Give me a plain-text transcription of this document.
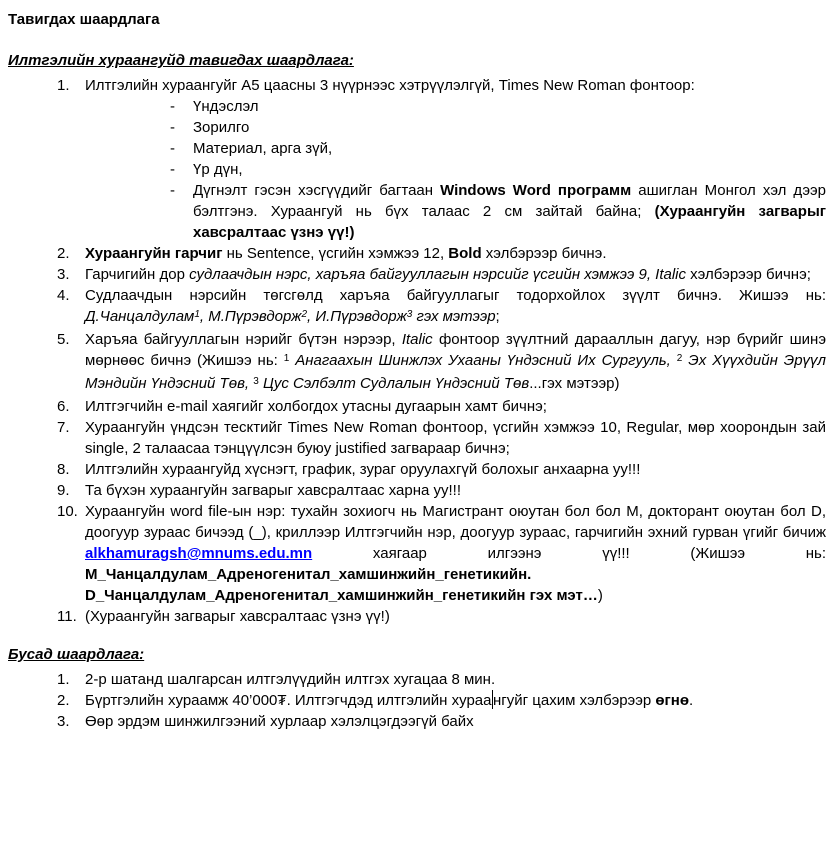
Тавигдах шаардлага
Илтгэлийн хураангуйд тавигдах шаардлага:
1.	Илтгэлийн хураангуйг А5 цаасны 3 нүүрнээс хэтрүүлэлгүй, Times New Roman фонтоор:
-	Үндэслэл
-	Зорилго
-	Материал, арга зүй,
-	Үр дүн,
-	Дүгнэлт гэсэн хэсгүүдийг багтаан Windows Word программ ашиглан Монгол хэл дээр бэлтгэнэ. Хураангуй нь бүх талаас 2 см зайтай байна; (Хураангуйн загварыг хавсралтаас үзнэ үү!)
2.	Хураангуйн гарчиг нь Sentence, үсгийн хэмжээ 12, Bold хэлбэрээр бичнэ.
3.	Гарчигийн дор судлаачдын нэрс, харъяа байгууллагын нэрсийг үсгийн хэмжээ 9, Italic хэлбэрээр бичнэ;
4.	Судлаачдын нэрсийн төгсгөлд харъяа байгууллагыг тодорхойлох зүүлт бичнэ. Жишээ нь: Д.Чанцалдулам$^1$, М.Пүрэвдорж$^2$, И.Пүрэвдорж$^3$ гэх мэтээр;
5.	Харъяа байгууллагын нэрийг бүтэн нэрээр, Italic фонтоор зүүлтний дарааллын дагуу, нэр бүрийг шинэ мөрнөөс бичнэ (Жишээ нь: $^1$ Анагаахын Шинжлэх Ухааны Үндэсний Их Сургууль, $^2$ Эх Хүүхдийн Эрүүл Мэндийн Үндэсний Төв, $^3$ Цус Сэлбэлт Судлалын Үндэсний Төв...гэх мэтээр)
6.	Илтгэгчийн e-mail хаягийг холбогдох утасны дугаарын хамт бичнэ;
7.	Хураангуйн үндсэн тесктийг Times New Roman фонтоор, үсгийн хэмжээ 10, Regular, мөр хоорондын зай single, 2 талаасаа тэнцүүлсэн буюу justified загвараар бичнэ;
8.	Илтгэлийн хураангуйд хүснэгт, график, зураг оруулахгүй болохыг анхаарна уу!!!
9.	Та бүхэн хураангуйн загварыг хавсралтаас харна уу!!!
10. Хураангуйн word file-ын нэр: тухайн зохиогч нь Магистрант оюутан бол бол М, докторант оюутан бол D, доогуур зураас бичээд (_), криллээр Илтгэгчийн нэр, доогуур зураас, гарчигийн эхний гурван үгийг бичиж alkhamuragsh@mnums.edu.mn хаягаар илгээнэ үү!!! (Жишээ нь: М_Чанцалдулам_Адреногенитал_хамшинжийн_генетикийн. D_Чанцалдулам_Адреногенитал_хамшинжийн_генетикийн гэх мэт…)
11. (Хураангуйн загварыг хавсралтаас үзнэ үү!)
Бусад шаардлага:
1.	2-р шатанд шалгарсан илтгэлүүдийн илтгэх хугацаа 8 мин.
2.	Бүртгэлийн хураамж 40’000₮. Илтгэгчдэд илтгэлийн хураа нгуйг цахим хэлбэрээр өгнө.
3.	Өөр эрдэм шинжилгээний хурлаар хэлэлцэгдээгүй байх
